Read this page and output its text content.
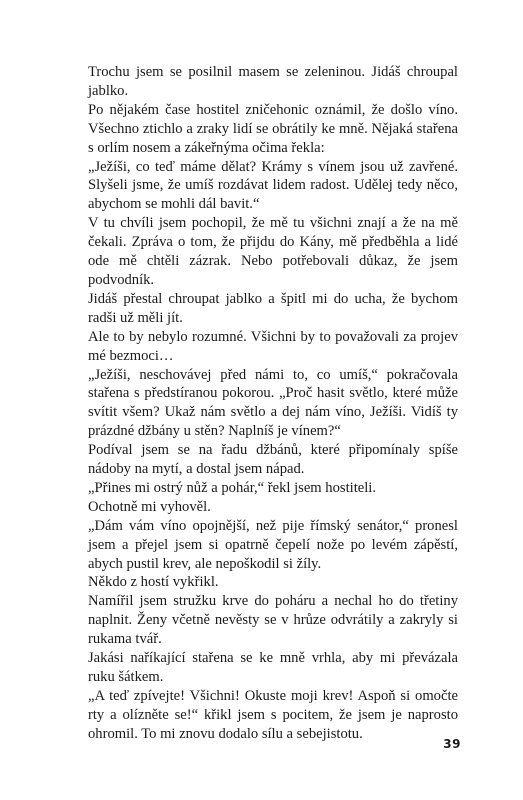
Trochu jsem se posilnil masem se zeleninou. Jidáš chroupal jablko.

Po nějakém čase hostitel zničehonic oznámil, že došlo víno. Všechno ztichlo a zraky lidí se obrátily ke mně. Nějaká stařena s orlím nosem a zákeřnýma očima řekla:

„Ježíši, co teď máme dělat? Krámy s vínem jsou už zavřené. Slyšeli jsme, že umíš rozdávat lidem radost. Udělej tedy něco, abychom se mohli dál bavit.“

V tu chvíli jsem pochopil, že mě tu všichni znají a že na mě čekali. Zpráva o tom, že přijdu do Kány, mě předběhla a lidé ode mě chtěli zázrak. Nebo potřebovali důkaz, že jsem podvodník.

Jidáš přestal chroupat jablko a špitl mi do ucha, že bychom radši už měli jít.

Ale to by nebylo rozumné. Všichni by to považovali za projev mé bezmoci…

„Ježíši, neschovávej před námi to, co umíš,“ pokračovala stařena s předstíranou pokorou. „Proč hasit světlo, které může svítit všem? Ukaž nám světlo a dej nám víno, Ježíši. Vidíš ty prázdné džbány u stěn? Naplníš je vínem?“

Podíval jsem se na řadu džbánů, které připomínaly spíše nádoby na mytí, a dostal jsem nápad.

„Přines mi ostrý nůž a pohár,“ řekl jsem hostiteli.

Ochotně mi vyhověl.

„Dám vám víno opojnější, než pije římský senátor,“ pronesl jsem a přejel jsem si opatrně čepelí nože po levém zápěstí, abych pustil krev, ale nepoškodil si žíly.

Někdo z hostí vykřikl.

Namířil jsem stružku krve do poháru a nechal ho do třetiny naplnit. Ženy včetně nevěsty se v hrůze odvrátily a zakryly si rukama tvář.

Jakási naříkající stařena se ke mně vrhla, aby mi převázala ruku šátkem.

„A teď zpívejte! Všichni! Okuste moji krev! Aspoň si omočte rty a olízněte se!“ křikl jsem s pocitem, že jsem je naprosto ohromil. To mi znovu dodalo sílu a sebejistotu.

39
